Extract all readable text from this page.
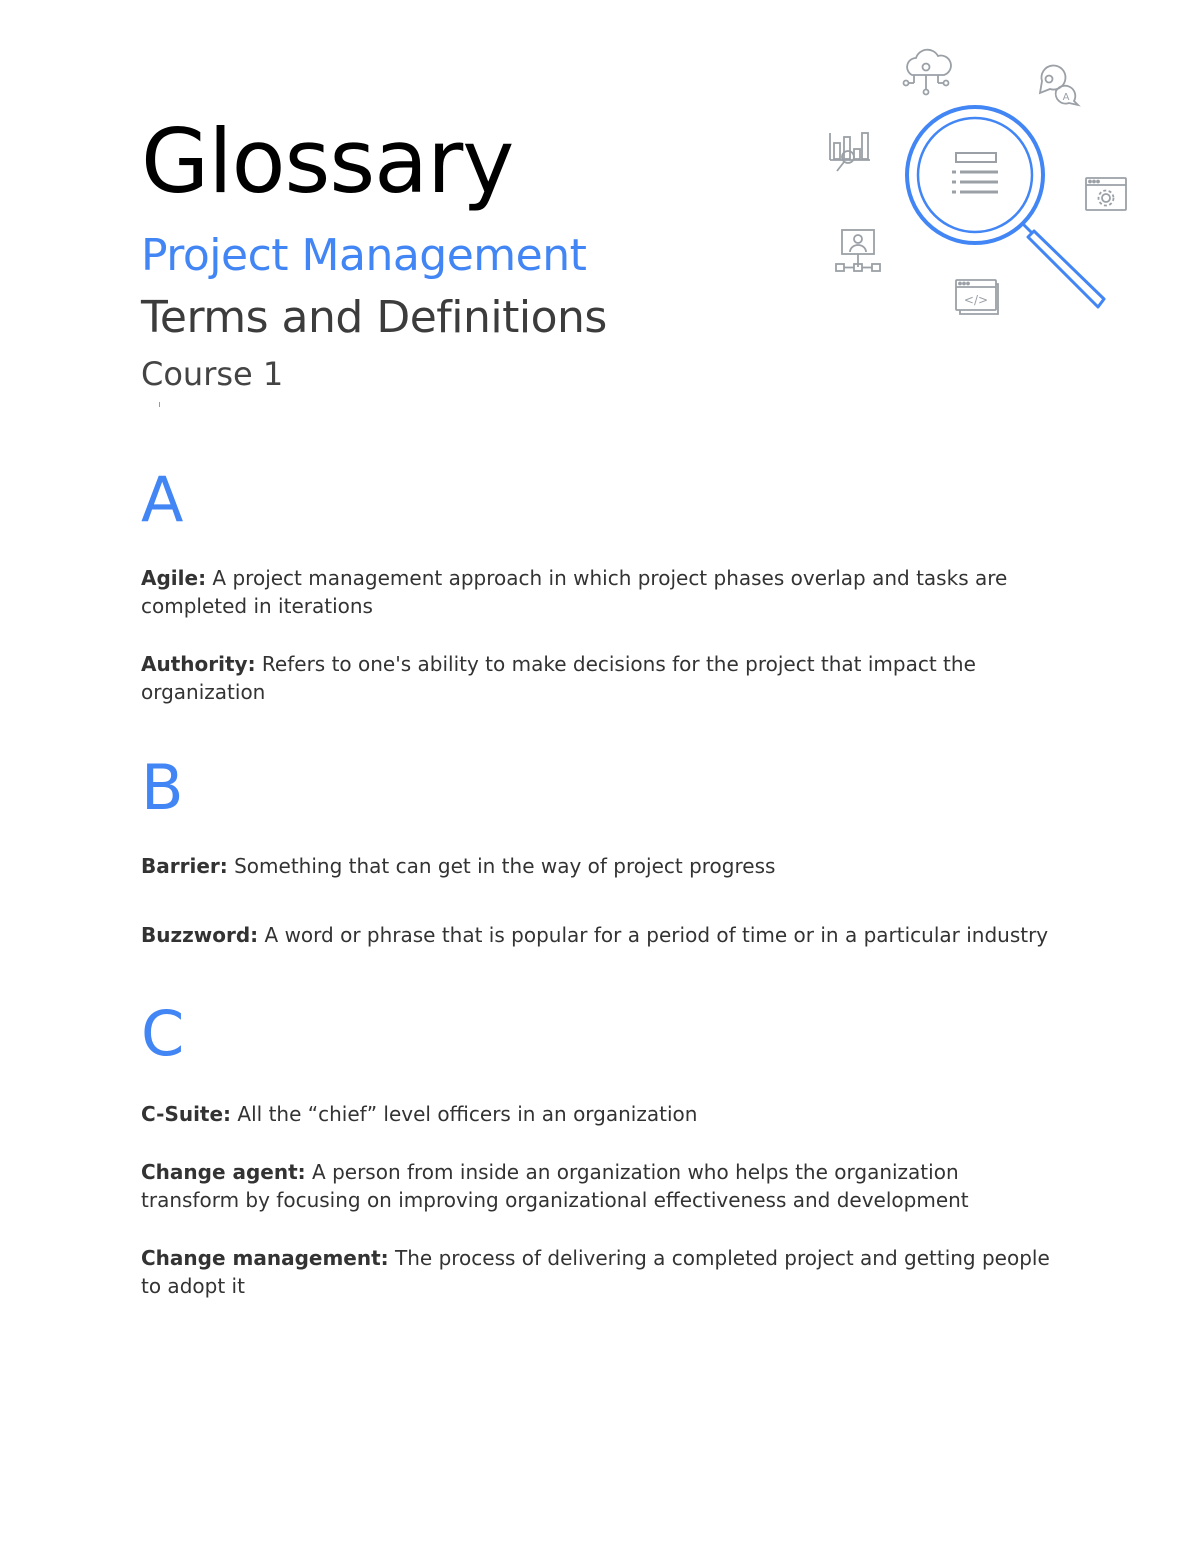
Glossary
Project Management
Terms and Definitions
Course 1
A
</>
A

Agile: A project management approach in which project phases overlap and tasks are completed in iterations

Authority: Refers to one's ability to make decisions for the project that impact the organization

B

Barrier: Something that can get in the way of project progress

Buzzword: A word or phrase that is popular for a period of time or in a particular industry

C

C-Suite: All the “chief” level officers in an organization

Change agent: A person from inside an organization who helps the organization transform by focusing on improving organizational effectiveness and development

Change management: The process of delivering a completed project and getting people to adopt it
